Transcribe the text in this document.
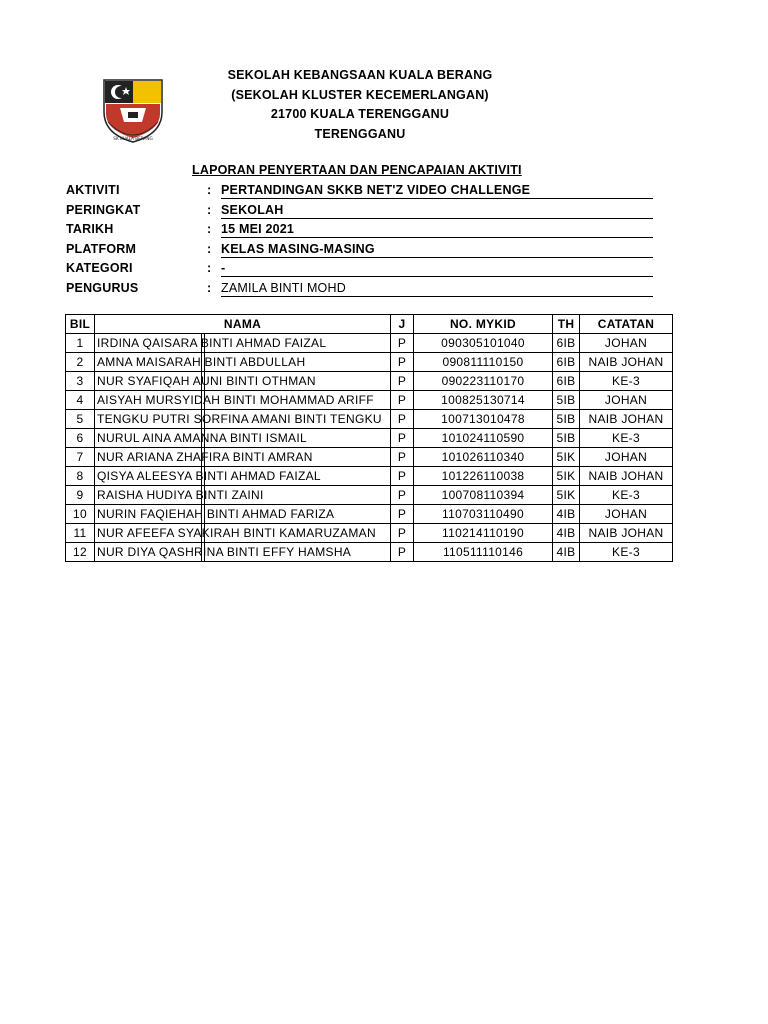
SK KUALA BERANG
SEKOLAH KEBANGSAAN KUALA BERANG
(SEKOLAH KLUSTER KECEMERLANGAN)
21700 KUALA TERENGGANU
TERENGGANU
LAPORAN PENYERTAAN DAN PENCAPAIAN AKTIVITI
AKTIVITI	: PERTANDINGAN SKKB NET'Z VIDEO CHALLENGE
PERINGKAT	: SEKOLAH
TARIKH	: 15 MEI 2021
PLATFORM	: KELAS MASING-MASING
KATEGORI	: -
PENGURUS	: ZAMILA BINTI MOHD
BIL	NAMA	J	NO. MYKID	TH	CATATAN
1	IRDINA QAISARA BINTI AHMAD FAIZAL	P	090305101040	6IB	JOHAN
2	AMNA MAISARAH BINTI ABDULLAH	P	090811110150	6IB	NAIB JOHAN
3	NUR SYAFIQAH AUNI BINTI OTHMAN	P	090223110170	6IB	KE-3
4	AISYAH MURSYIDAH BINTI MOHAMMAD ARIFF	P	100825130714	5IB	JOHAN
5	TENGKU PUTRI SORFINA AMANI BINTI TENGKU	P	100713010478	5IB	NAIB JOHAN
6	NURUL AINA AMANNA BINTI ISMAIL	P	101024110590	5IB	KE-3
7	NUR ARIANA ZHAFIRA BINTI AMRAN	P	101026110340	5IK	JOHAN
8	QISYA ALEESYA BINTI AHMAD FAIZAL	P	101226110038	5IK	NAIB JOHAN
9	RAISHA HUDIYA BINTI ZAINI	P	100708110394	5IK	KE-3
10	NURIN FAQIEHAH BINTI AHMAD FARIZA	P	110703110490	4IB	JOHAN
11	NUR AFEEFA SYAKIRAH BINTI KAMARUZAMAN	P	110214110190	4IB	NAIB JOHAN
12	NUR DIYA QASHRINA BINTI EFFY HAMSHA	P	110511110146	4IB	KE-3
